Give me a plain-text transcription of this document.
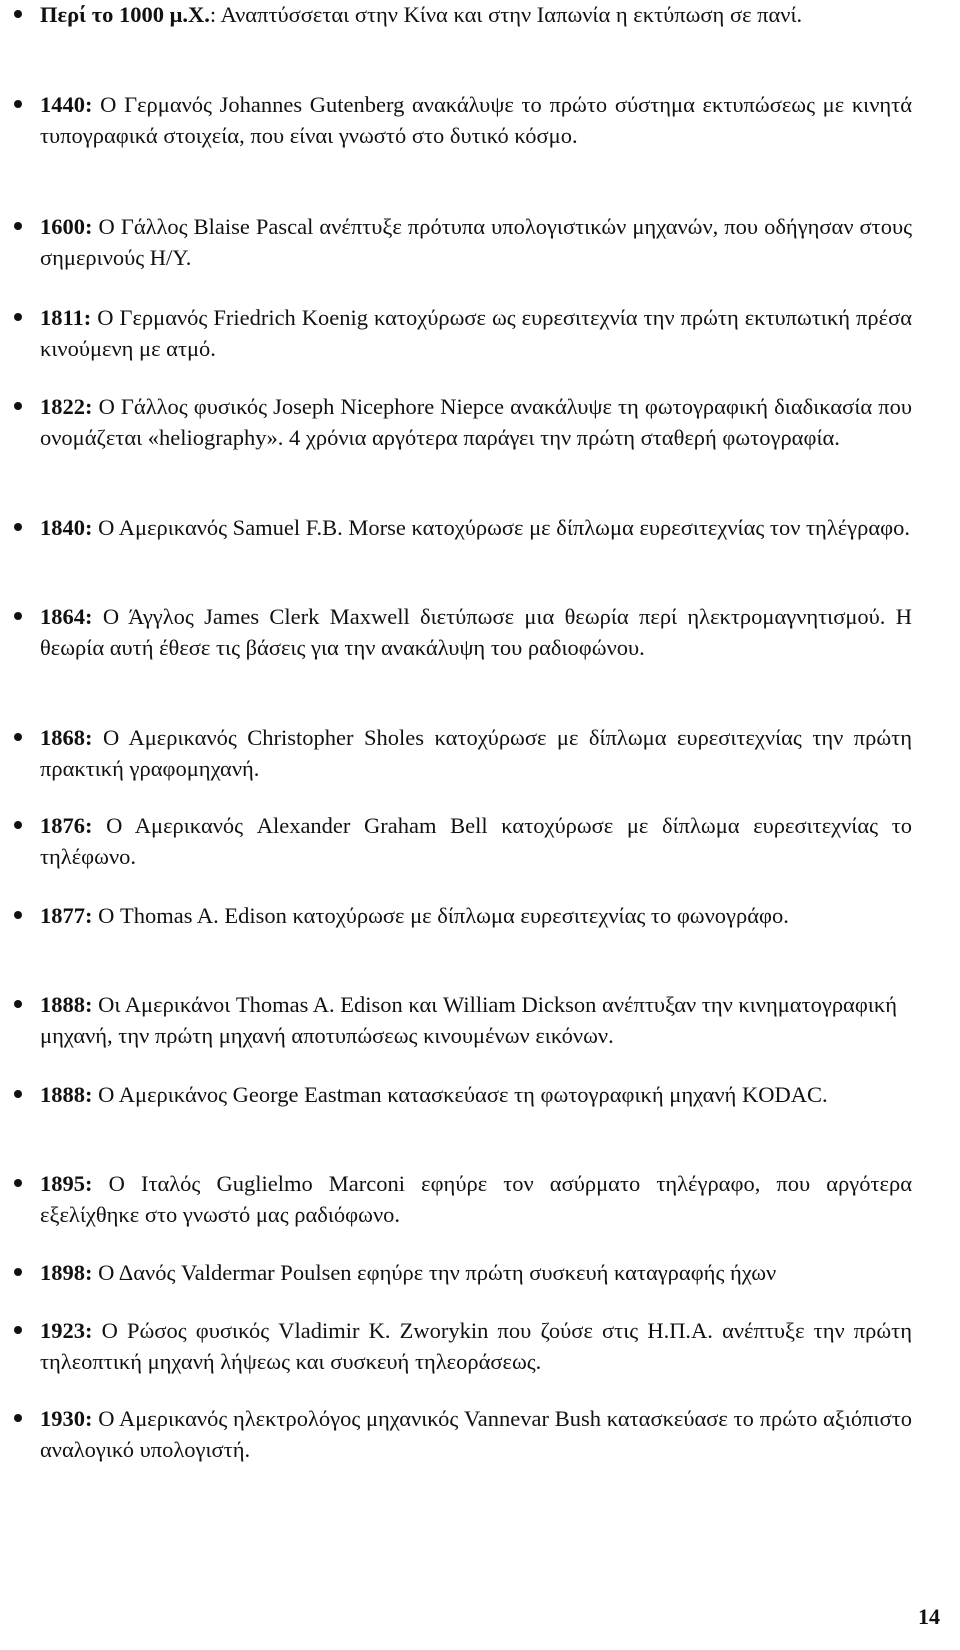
Περί το 1000 μ.Χ.: Αναπτύσσεται στην Κίνα και στην Ιαπωνία η εκτύπωση σε πανί.
1440: Ο Γερμανός Johannes Gutenberg ανακάλυψε το πρώτο σύστημα εκτυπώσεως με κινητά τυπογραφικά στοιχεία, που είναι γνωστό στο δυτικό κόσμο.
1600: Ο Γάλλος Blaise Pascal ανέπτυξε πρότυπα υπολογιστικών μηχανών, που οδήγησαν στους σημερινούς Η/Υ.
1811: Ο Γερμανός Friedrich Koenig κατοχύρωσε ως ευρεσιτεχνία την πρώτη εκτυπωτική πρέσα κινούμενη με ατμό.
1822: Ο Γάλλος φυσικός Joseph Nicephore Niepce ανακάλυψε τη φωτογραφική διαδικασία που ονομάζεται «heliography». 4 χρόνια αργότερα παράγει την πρώτη σταθερή φωτογραφία.
1840: Ο Αμερικανός Samuel F.B. Morse κατοχύρωσε με δίπλωμα ευρεσιτεχνίας τον τηλέγραφο.
1864: Ο Άγγλος James Clerk Maxwell διετύπωσε μια θεωρία περί ηλεκτρομαγνητισμού. Η θεωρία αυτή έθεσε τις βάσεις για την ανακάλυψη του ραδιοφώνου.
1868: Ο Αμερικανός Christopher Sholes κατοχύρωσε με δίπλωμα ευρεσιτεχνίας την πρώτη πρακτική γραφομηχανή.
1876: Ο Αμερικανός Alexander Graham Bell κατοχύρωσε με δίπλωμα ευρεσιτεχνίας το τηλέφωνο.
1877: Ο Thomas A. Edison κατοχύρωσε με δίπλωμα ευρεσιτεχνίας το φωνογράφο.
1888: Οι Αμερικάνοι Thomas A. Edison και William Dickson ανέπτυξαν την κινηματογραφική μηχανή, την πρώτη μηχανή αποτυπώσεως κινουμένων εικόνων.
1888: Ο Αμερικάνος George Eastman κατασκεύασε τη φωτογραφική μηχανή KODAC.
1895: Ο Ιταλός Guglielmo Marconi εφηύρε τον ασύρματο τηλέγραφο, που αργότερα εξελίχθηκε στο γνωστό μας ραδιόφωνο.
1898: Ο Δανός Valdermar Poulsen εφηύρε την πρώτη συσκευή καταγραφής ήχων
1923: Ο Ρώσος φυσικός Vladimir K. Zworykin που ζούσε στις Η.Π.Α. ανέπτυξε την πρώτη τηλεοπτική μηχανή λήψεως και συσκευή τηλεοράσεως.
1930: Ο Αμερικανός ηλεκτρολόγος μηχανικός Vannevar Bush κατασκεύασε το πρώτο αξιόπιστο αναλογικό υπολογιστή.
14
